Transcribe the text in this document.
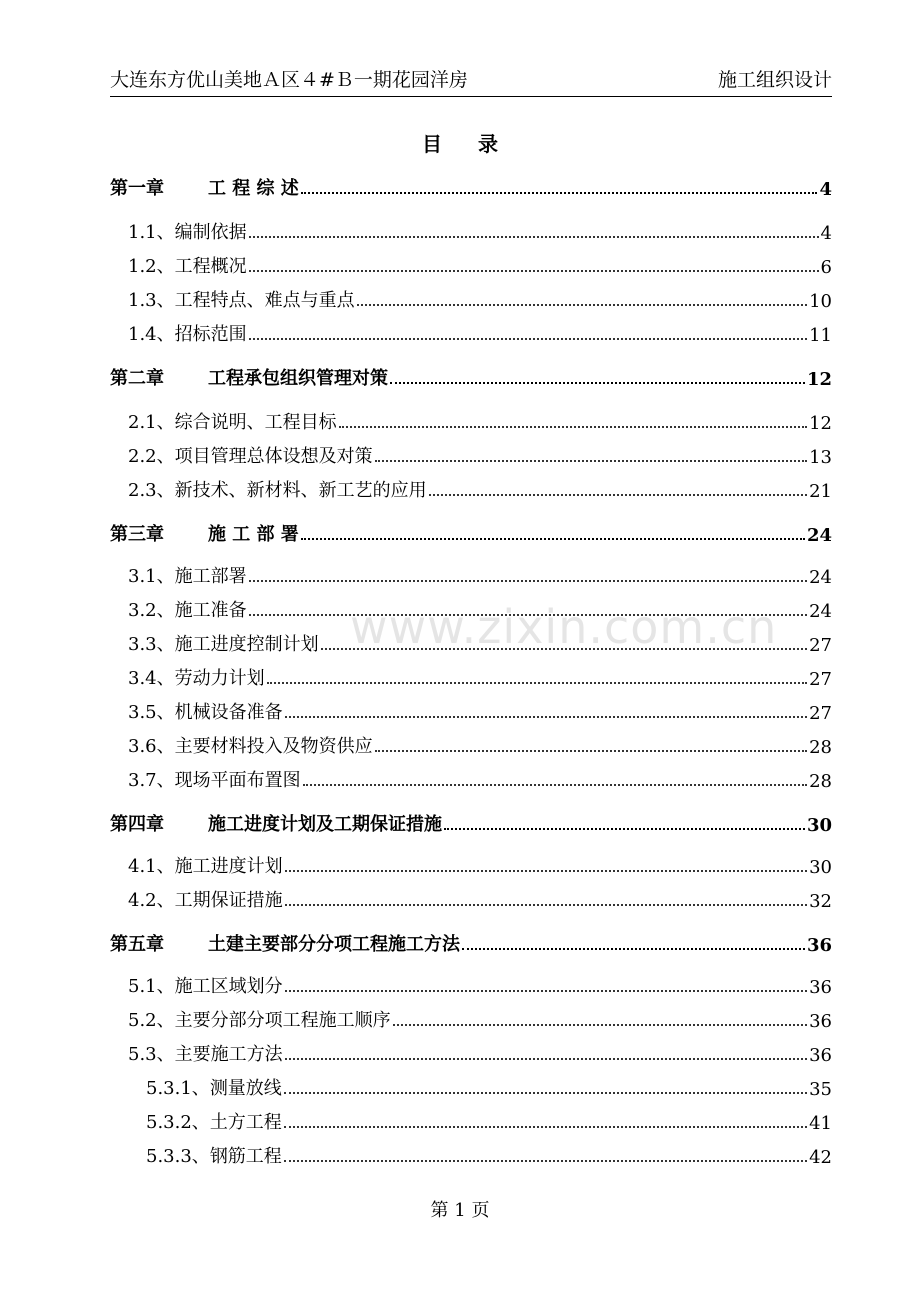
大连东方优山美地Ａ区４#Ｂ一期花园洋房	施工组织设计
目录
第一章	工 程 综 述	4
1.1、 编制依据	4
1.2、 工程概况	6
1.3、 工程特点、难点与重点	10
1.4、 招标范围	11
第二章	工程承包组织管理对策	12
2.1、 综合说明、工程目标	12
2.2、 项目管理总体设想及对策	13
2.3、 新技术、新材料、新工艺的应用	21
第三章	施 工 部 署	24
3.1、 施工部署	24
3.2、 施工准备	24
3.3、 施工进度控制计划	27
3.4、 劳动力计划	27
3.5、 机械设备准备	27
3.6、 主要材料投入及物资供应	28
3.7、 现场平面布置图	28
第四章	施工进度计划及工期保证措施	30
4.1、 施工进度计划	30
4.2、 工期保证措施	32
第五章	土建主要部分分项工程施工方法	36
5.1、 施工区域划分	36
5.2、 主要分部分项工程施工顺序	36
5.3、 主要施工方法	36
5.3.1、 测量放线	35
5.3.2、 土方工程	41
5.3.3、 钢筋工程	42
www.zixin.com.cn
第 1 页
